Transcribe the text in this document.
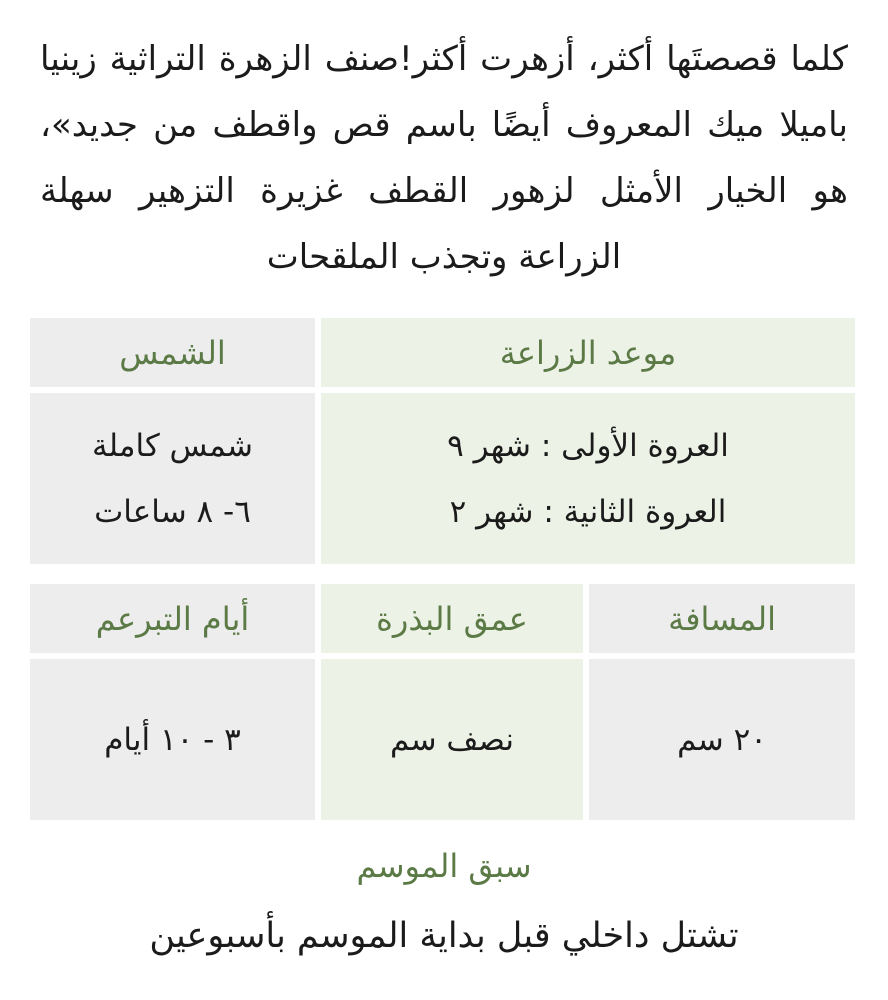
كلما قصصتَها أكثر، أزهرت أكثر!صنف الزهرة التراثية زينيا باميلا ميك المعروف أيضًا باسم قص واقطف من جديد»، هو الخيار الأمثل لزهور القطف غزيرة التزهير سهلة الزراعة وتجذب الملقحات

موعد الزراعة
الشمس
العروة الأولى : شهر ٩
العروة الثانية : شهر ٢
شمس كاملة
٦- ٨ ساعات
المسافة
عمق البذرة
أيام التبرعم
٢٠ سم
نصف سم
٣ - ١٠ أيام
سبق الموسم
تشتل داخلي قبل بداية الموسم بأسبوعين
